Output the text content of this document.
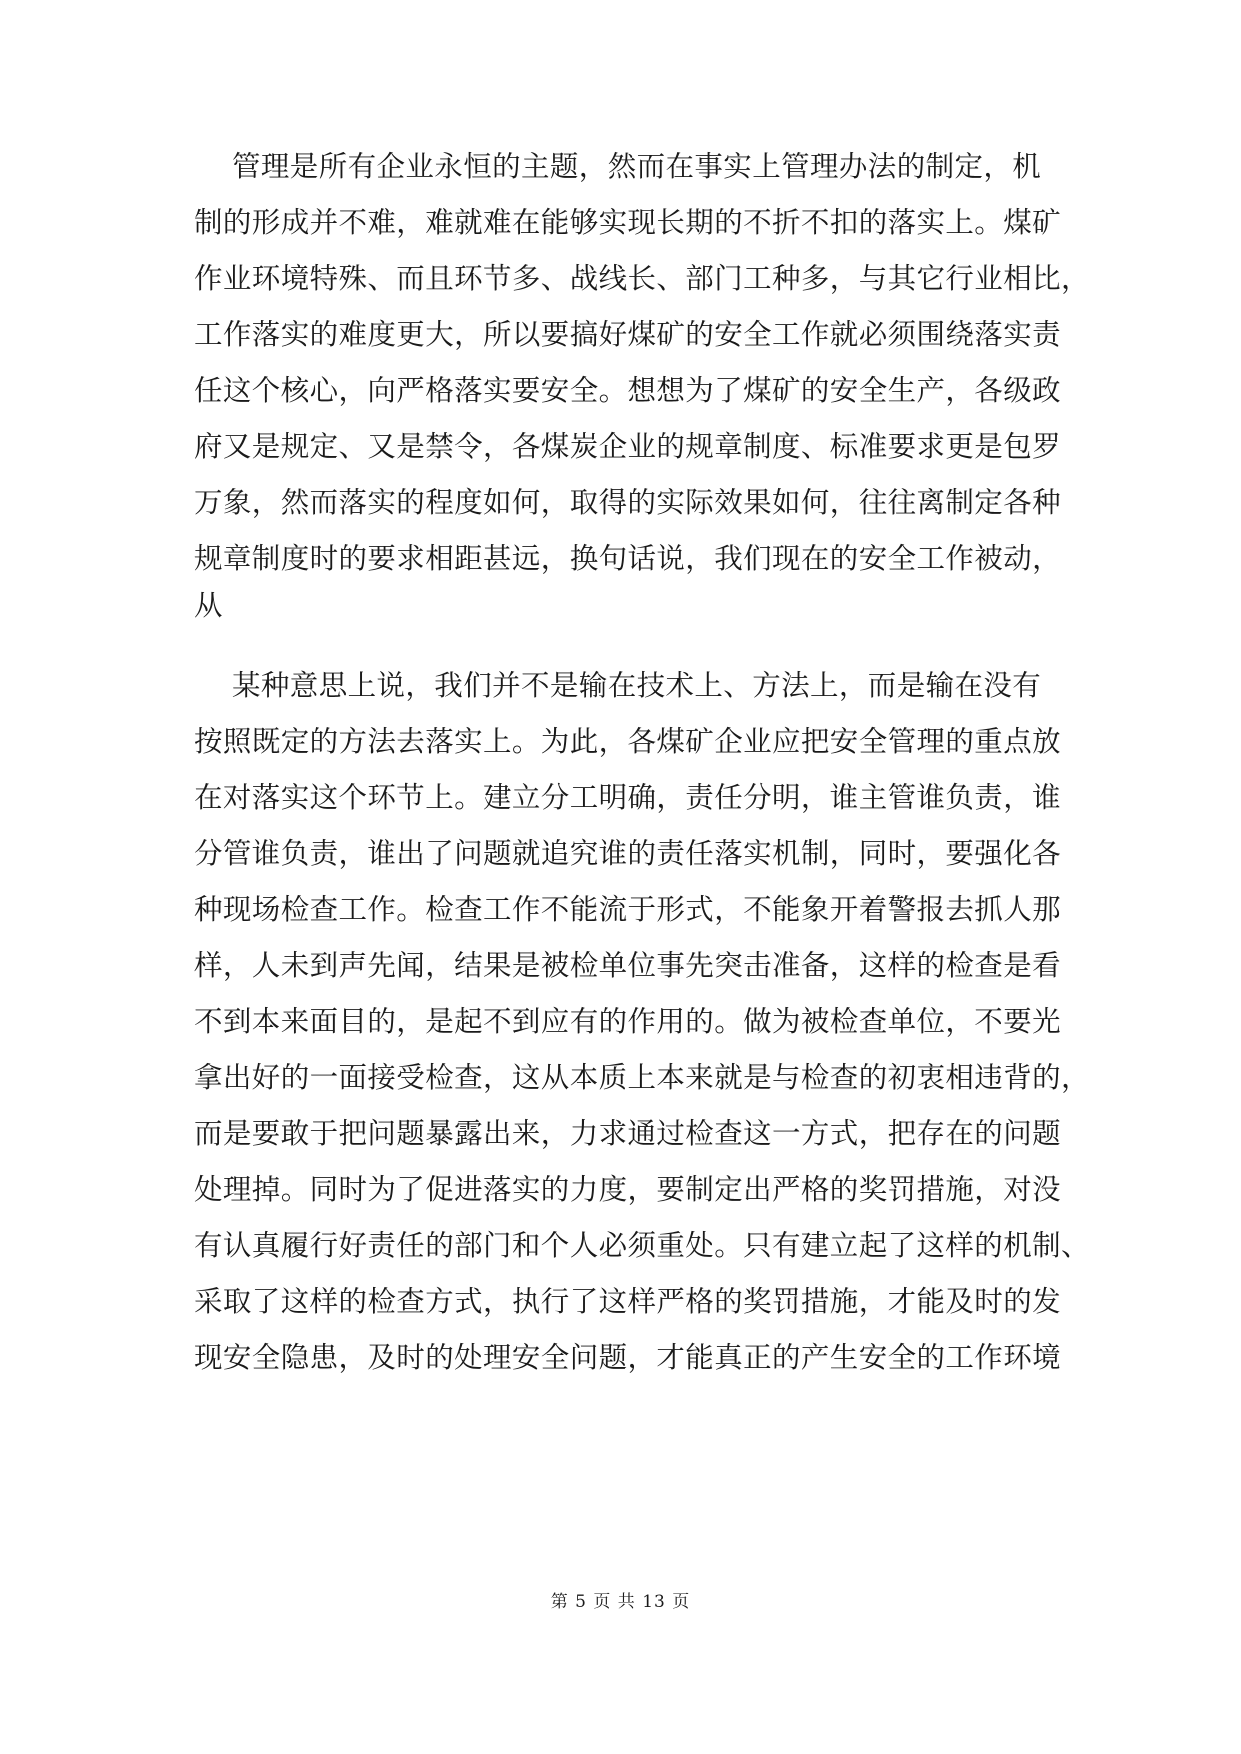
管理是所有企业永恒的主题，然而在事实上管理办法的制定，机
制的形成并不难，难就难在能够实现长期的不折不扣的落实上。煤矿
作业环境特殊、而且环节多、战线长、部门工种多，与其它行业相比，
工作落实的难度更大，所以要搞好煤矿的安全工作就必须围绕落实责
任这个核心，向严格落实要安全。想想为了煤矿的安全生产，各级政
府又是规定、又是禁令，各煤炭企业的规章制度、标准要求更是包罗
万象，然而落实的程度如何，取得的实际效果如何，往往离制定各种
规章制度时的要求相距甚远，换句话说，我们现在的安全工作被动，
从
某种意思上说，我们并不是输在技术上、方法上，而是输在没有
按照既定的方法去落实上。为此，各煤矿企业应把安全管理的重点放
在对落实这个环节上。建立分工明确，责任分明，谁主管谁负责，谁
分管谁负责，谁出了问题就追究谁的责任落实机制，同时，要强化各
种现场检查工作。检查工作不能流于形式，不能象开着警报去抓人那
样，人未到声先闻，结果是被检单位事先突击准备，这样的检查是看
不到本来面目的，是起不到应有的作用的。做为被检查单位，不要光
拿出好的一面接受检查，这从本质上本来就是与检查的初衷相违背的，
而是要敢于把问题暴露出来，力求通过检查这一方式，把存在的问题
处理掉。同时为了促进落实的力度，要制定出严格的奖罚措施，对没
有认真履行好责任的部门和个人必须重处。只有建立起了这样的机制、
采取了这样的检查方式，执行了这样严格的奖罚措施，才能及时的发
现安全隐患，及时的处理安全问题，才能真正的产生安全的工作环境
第 5 页 共 13 页
